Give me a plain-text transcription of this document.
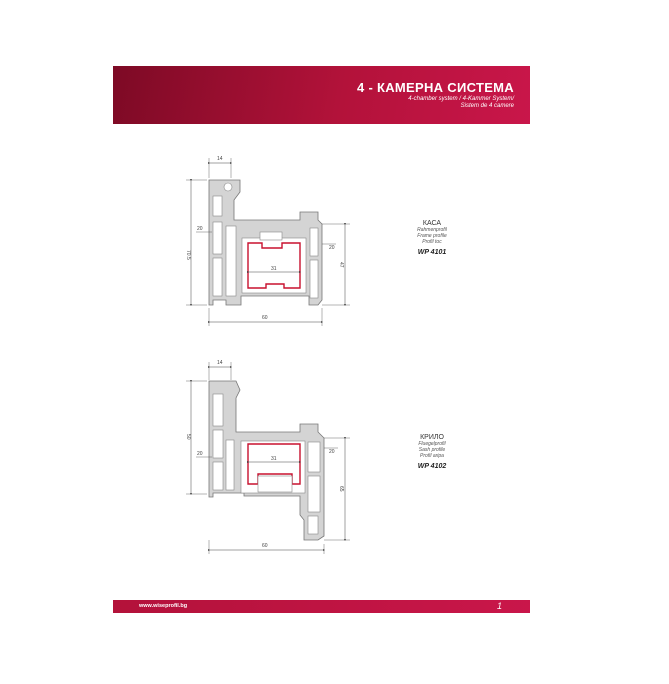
4 - КАМЕРНА СИСТЕМА
4-chamber system / 4-Kammer System/
Sistem de 4 camere
14
70.5
20
31
20
47
60
14
50
20
31
20
65
60
КАСА
Rahmenprofil
Frame profile
Profil toc
WP 4101
КРИЛО
Fluegelprofil
Sash profile
Profil aripa
WP 4102
www.wiseprofil.bg	1
